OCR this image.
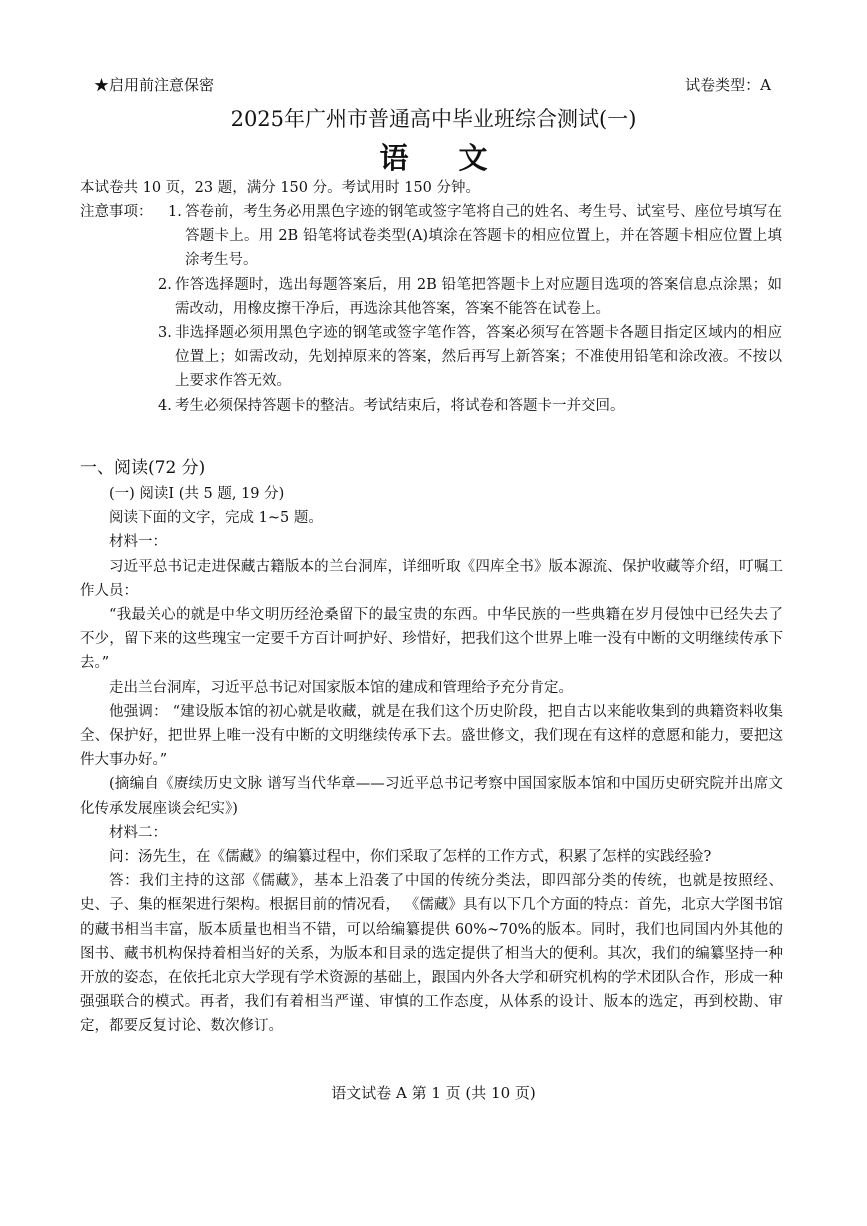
★启用前注意保密	试卷类型：A
2025年广州市普通高中毕业班综合测试(一)
语 文
本试卷共 10 页，23 题，满分 150 分。考试用时 150 分钟。
注意事项： 1. 答卷前，考生务必用黑色字迹的钢笔或签字笔将自己的姓名、考生号、试室号、座位号填写在答题卡上。用 2B 铅笔将试卷类型(A)填涂在答题卡的相应位置上，并在答题卡相应位置上填涂考生号。
2. 作答选择题时，选出每题答案后，用 2B 铅笔把答题卡上对应题目选项的答案信息点涂黑；如需改动，用橡皮擦干净后，再选涂其他答案，答案不能答在试卷上。
3. 非选择题必须用黑色字迹的钢笔或签字笔作答，答案必须写在答题卡各题目指定区域内的相应位置上；如需改动，先划掉原来的答案，然后再写上新答案；不准使用铅笔和涂改液。不按以上要求作答无效。
4. 考生必须保持答题卡的整洁。考试结束后，将试卷和答题卡一并交回。
一、阅读(72 分)

(一) 阅读Ⅰ (共 5 题, 19 分)

阅读下面的文字，完成 1~5 题。

材料一：

习近平总书记走进保藏古籍版本的兰台洞库，详细听取《四库全书》版本源流、保护收藏等介绍，叮嘱工作人员：

“我最关心的就是中华文明历经沧桑留下的最宝贵的东西。中华民族的一些典籍在岁月侵蚀中已经失去了不少，留下来的这些瑰宝一定要千方百计呵护好、珍惜好，把我们这个世界上唯一没有中断的文明继续传承下去。”

走出兰台洞库，习近平总书记对国家版本馆的建成和管理给予充分肯定。

他强调： “建设版本馆的初心就是收藏，就是在我们这个历史阶段，把自古以来能收集到的典籍资料收集全、保护好，把世界上唯一没有中断的文明继续传承下去。盛世修文，我们现在有这样的意愿和能力，要把这件大事办好。”

(摘编自《赓续历史文脉 谱写当代华章——习近平总书记考察中国国家版本馆和中国历史研究院并出席文化传承发展座谈会纪实》)

材料二：

问：汤先生，在《儒藏》的编纂过程中，你们采取了怎样的工作方式，积累了怎样的实践经验?

答：我们主持的这部《儒藏》，基本上沿袭了中国的传统分类法，即四部分类的传统，也就是按照经、史、子、集的框架进行架构。根据目前的情况看， 《儒藏》具有以下几个方面的特点：首先，北京大学图书馆的藏书相当丰富，版本质量也相当不错，可以给编纂提供 60%~70%的版本。同时，我们也同国内外其他的图书、藏书机构保持着相当好的关系，为版本和目录的选定提供了相当大的便利。其次，我们的编纂坚持一种开放的姿态，在依托北京大学现有学术资源的基础上，跟国内外各大学和研究机构的学术团队合作，形成一种强强联合的模式。再者，我们有着相当严谨、审慎的工作态度，从体系的设计、版本的选定，再到校勘、审定，都要反复讨论、数次修订。

语文试卷 A 第 1 页 (共 10 页)
